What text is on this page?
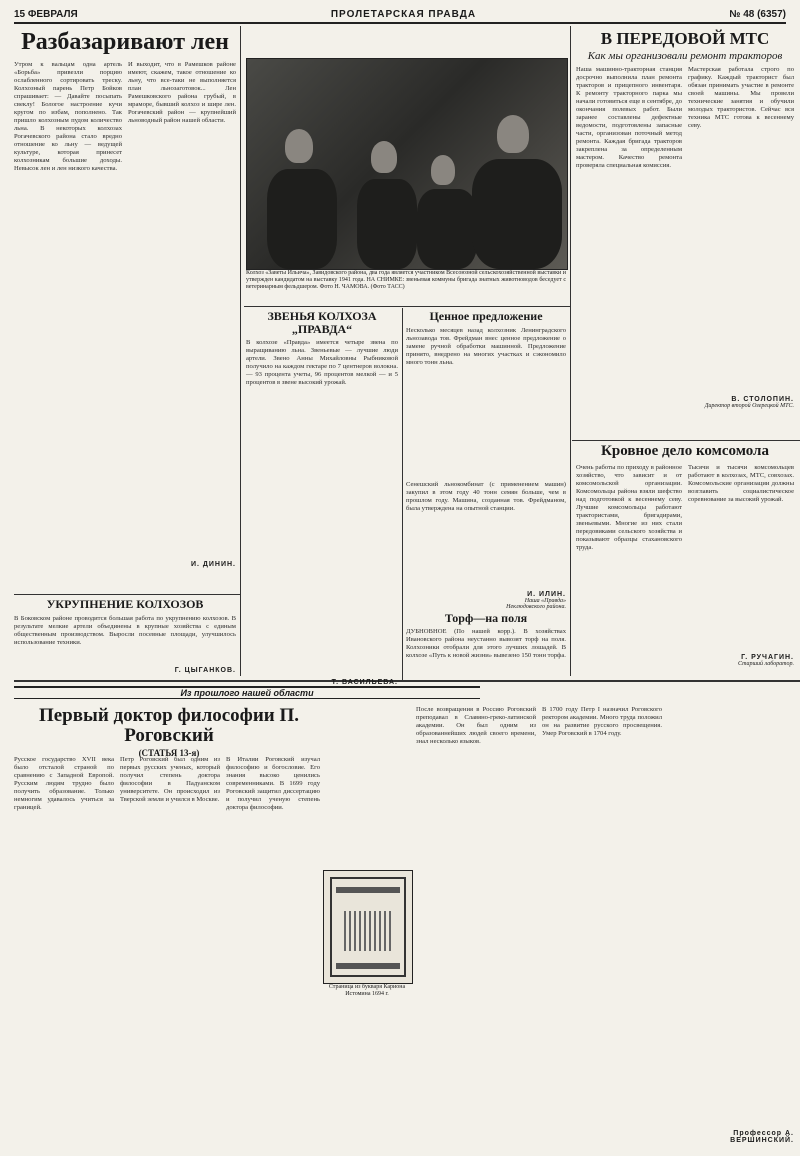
15 ФЕВРАЛЯ	ПРОЛЕТАРСКАЯ ПРАВДА	№ 48 (6357)
Разбазаривают лен
Утром к вальцам одна артель «Борьба» привезли порцию ослабленного сортировать треску. Колхозный парень Петр Бойков спрашивает: — Давайте посыпать свеклу! Бологое настроение кучи кругом по избам, пополнено. Так пришло колхозным пудом количество льна. В некоторых колхозах Рогачевского района стало вредно отношение ко льну — ведущей культуре, которая принесет колхозникам большие доходы. Невысок лен и лен низкого качества.
И выходит, что в Рамешков районе имеют, скажем, такое отношение ко льну, что все-таки не выполняется план льнозаготовок... Лен Рамешковского района грубый, в мраморе, бывший колхоз и шире лен. Рогачевский район — крупнейший льноводный район нашей области.
И. ДИНИН.
УКРУПНЕНИЕ КОЛХОЗОВ
В Боковском районе проводится большая работа по укрупнению колхозов. В результате мелкие артели объединены в крупные хозяйства с единым общественным производством. Выросли посевные площади, улучшилось использование техники.
Г. ЦЫГАНКОВ.
Колхоз «Заветы Ильича», Завидовского района, два года является участником Всесоюзной сельскохозяйственной выставки и утвержден кандидатом на выставку 1941 года. НА СНИМКЕ: звеньевая коммуны бригада знатных животноводов беседует с ветеринарным фельдшером. Фото Н. ЧАМОВА. (Фото ТАСС)
ЗВЕНЬЯ КОЛХОЗА „ПРАВДА“
В колхозе «Правда» имеется четыре звена по выращиванию льна. Звеньевые — лучшие люди артели. Звено Анны Михайловны Рыбниковой получило на каждом гектаре по 7 центнеров волокна. — 93 процента учеты, 96 процентов мелкой — и 5 процентов в звене высокий урожай.
Т. ВАСИЛЬЕВА.
Ценное предложение
Несколько месяцев назад колхозник Ленинградского льнозавода тов. Фрейдман внес ценное предложение о замене ручной обработки машинной. Предложение принято, внедрено на многих участках и сэкономило много тонн льна.
Сенешский льнокомбинат (с применением машин) закупил в этом году 40 тонн семян больше, чем в прошлом году. Машина, созданная тов. Фрейдманом, была утверждена на опытной станции.
И. ИЛИН.
Наша «Правда»
Неклюдовского района.
Торф—на поля
ДУБНОВНОЕ (По нашей корр.). В хозяйствах Ивановского района неустанно вывозят торф на поля. Колхозники отобрали для этого лучших лошадей. В колхозе «Путь к новой жизни» вывезено 150 тонн торфа.
В ПЕРЕДОВОЙ МТС
Как мы организовали ремонт тракторов
Наша машинно-тракторная станция досрочно выполнила план ремонта тракторов и прицепного инвентаря. К ремонту тракторного парка мы начали готовиться еще в сентябре, до окончания полевых работ. Были заранее составлены дефектные ведомости, подготовлены запасные части, организован поточный метод ремонта. Каждая бригада тракторов закреплена за определенным мастером. Качество ремонта проверяла специальная комиссия.
Мастерская работала строго по графику. Каждый тракторист был обязан принимать участие в ремонте своей машины. Мы провели технические занятия и обучили молодых трактористов. Сейчас вся техника МТС готова к весеннему севу.
В. СТОЛОПИН.
Директор второй Озерецкой МТС.
Кровное дело комсомола
Очень работы по приходу в районное хозяйство, что зависит и от комсомольской организации. Комсомольцы района взяли шефство над подготовкой к весеннему севу. Лучшие комсомольцы работают трактористами, бригадирами, звеньевыми. Многие из них стали передовиками сельского хозяйства и показывают образцы стахановского труда.
Тысячи и тысячи комсомольцев работают в колхозах, МТС, совхозах. Комсомольские организации должны возглавить социалистическое соревнование за высокий урожай.
Г. РУЧАГИН.
Старший лаборатор.
Из прошлого нашей области
Первый доктор философии П. Роговский
(СТАТЬЯ 13-я)
Русское государство XVII века было отсталой страной по сравнению с Западной Европой. Русским людям трудно было получить образование. Только немногим удавалось учиться за границей.
Петр Роговский был одним из первых русских ученых, который получил степень доктора философии в Падуанском университете. Он происходил из Тверской земли и учился в Москве.
В Италии Роговский изучал философию и богословие. Его знания высоко ценились современниками. В 1699 году Роговский защитил диссертацию и получил ученую степень доктора философии.
Страница из букваря Кариона Истомина 1694 г.
После возвращения в Россию Роговский преподавал в Славяно-греко-латинской академии. Он был одним из образованнейших людей своего времени, знал несколько языков.
В 1700 году Петр I назначил Роговского ректором академии. Много труда положил он на развитие русского просвещения. Умер Роговский в 1704 году.
Профессор А. ВЕРШИНСКИЙ.
